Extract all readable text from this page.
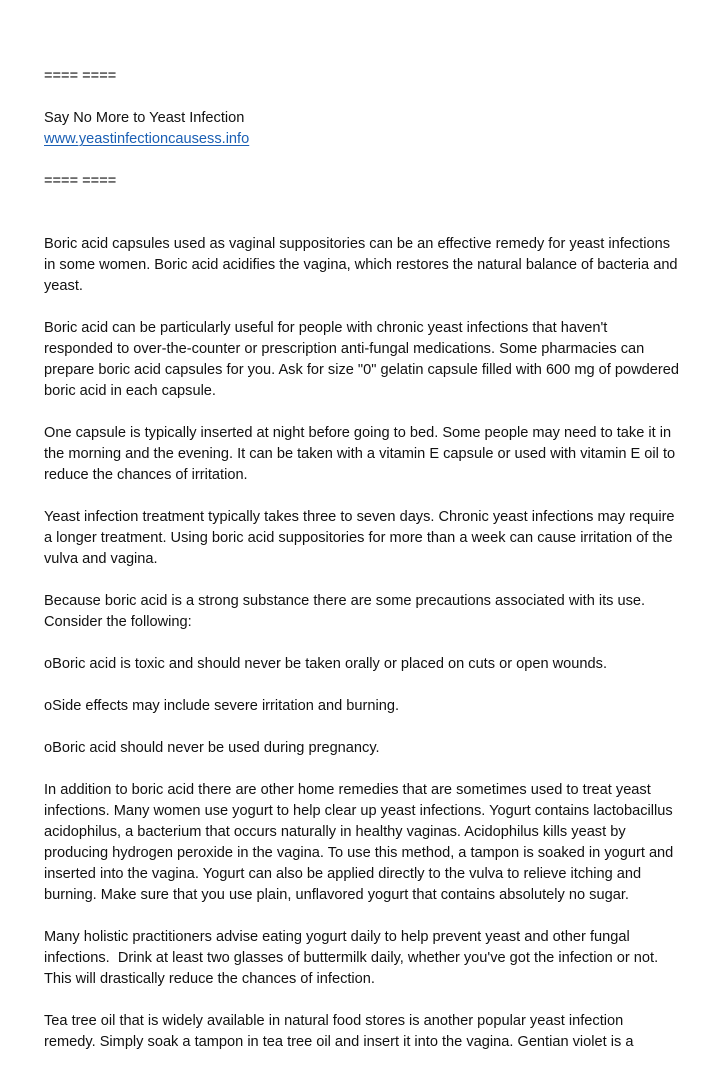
==== ====
Say No More to Yeast Infection
www.yeastinfectioncausess.info
==== ====
Boric acid capsules used as vaginal suppositories can be an effective remedy for yeast infections
in some women. Boric acid acidifies the vagina, which restores the natural balance of bacteria and
yeast.
Boric acid can be particularly useful for people with chronic yeast infections that haven't
responded to over-the-counter or prescription anti-fungal medications. Some pharmacies can
prepare boric acid capsules for you. Ask for size "0" gelatin capsule filled with 600 mg of powdered
boric acid in each capsule.
One capsule is typically inserted at night before going to bed. Some people may need to take it in
the morning and the evening. It can be taken with a vitamin E capsule or used with vitamin E oil to
reduce the chances of irritation.
Yeast infection treatment typically takes three to seven days. Chronic yeast infections may require
a longer treatment. Using boric acid suppositories for more than a week can cause irritation of the
vulva and vagina.
Because boric acid is a strong substance there are some precautions associated with its use.
Consider the following:
oBoric acid is toxic and should never be taken orally or placed on cuts or open wounds.
oSide effects may include severe irritation and burning.
oBoric acid should never be used during pregnancy.
In addition to boric acid there are other home remedies that are sometimes used to treat yeast
infections. Many women use yogurt to help clear up yeast infections. Yogurt contains lactobacillus
acidophilus, a bacterium that occurs naturally in healthy vaginas. Acidophilus kills yeast by
producing hydrogen peroxide in the vagina. To use this method, a tampon is soaked in yogurt and
inserted into the vagina. Yogurt can also be applied directly to the vulva to relieve itching and
burning. Make sure that you use plain, unflavored yogurt that contains absolutely no sugar.
Many holistic practitioners advise eating yogurt daily to help prevent yeast and other fungal
infections.  Drink at least two glasses of buttermilk daily, whether you've got the infection or not.
This will drastically reduce the chances of infection.
Tea tree oil that is widely available in natural food stores is another popular yeast infection
remedy. Simply soak a tampon in tea tree oil and insert it into the vagina. Gentian violet is a
